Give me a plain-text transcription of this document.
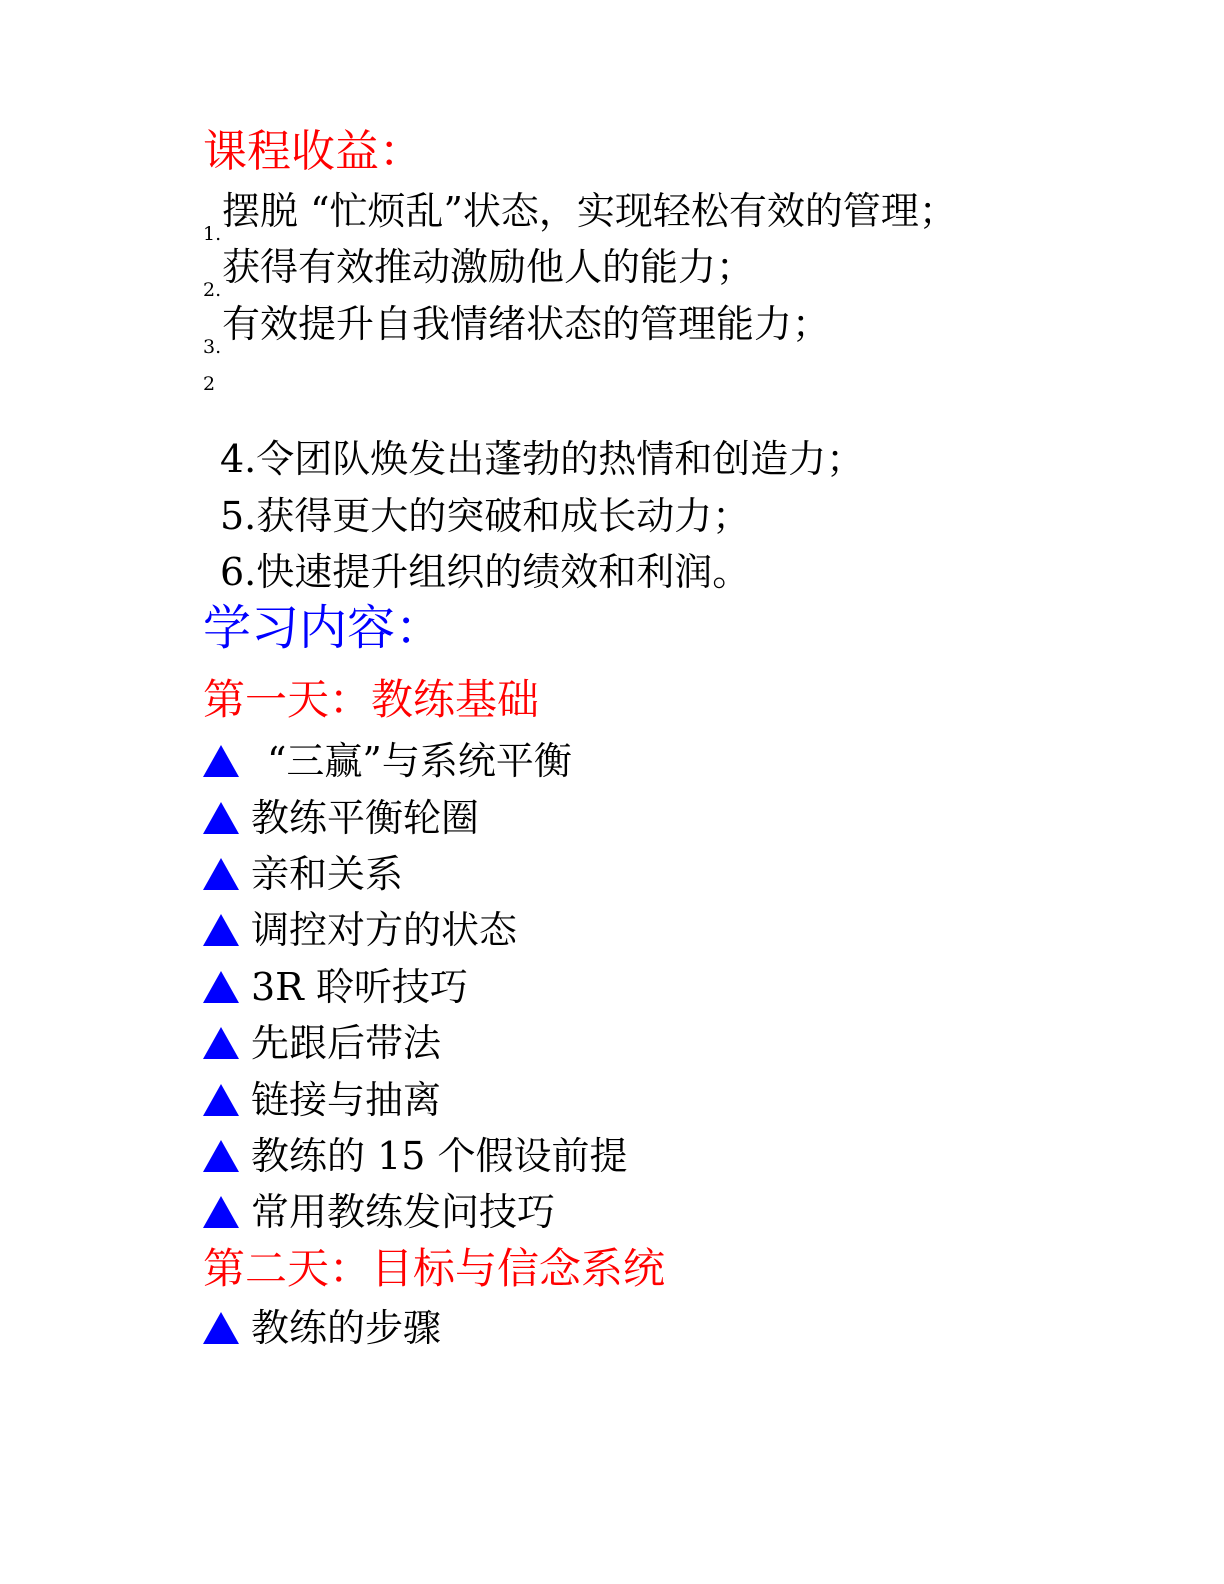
课程收益：
1.
摆脱 “忙烦乱”状态，实现轻松有效的管理；
2.
获得有效推动激励他人的能力；
3.
有效提升自我情绪状态的管理能力；
2
4.令团队焕发出蓬勃的热情和创造力；
5.获得更大的突破和成长动力；
6.快速提升组织的绩效和利润。
学习内容：
第一天：教练基础
“三赢”与系统平衡
教练平衡轮圈
亲和关系
调控对方的状态
3R 聆听技巧
先跟后带法
链接与抽离
教练的 15 个假设前提
常用教练发问技巧
第二天：目标与信念系统
教练的步骤
